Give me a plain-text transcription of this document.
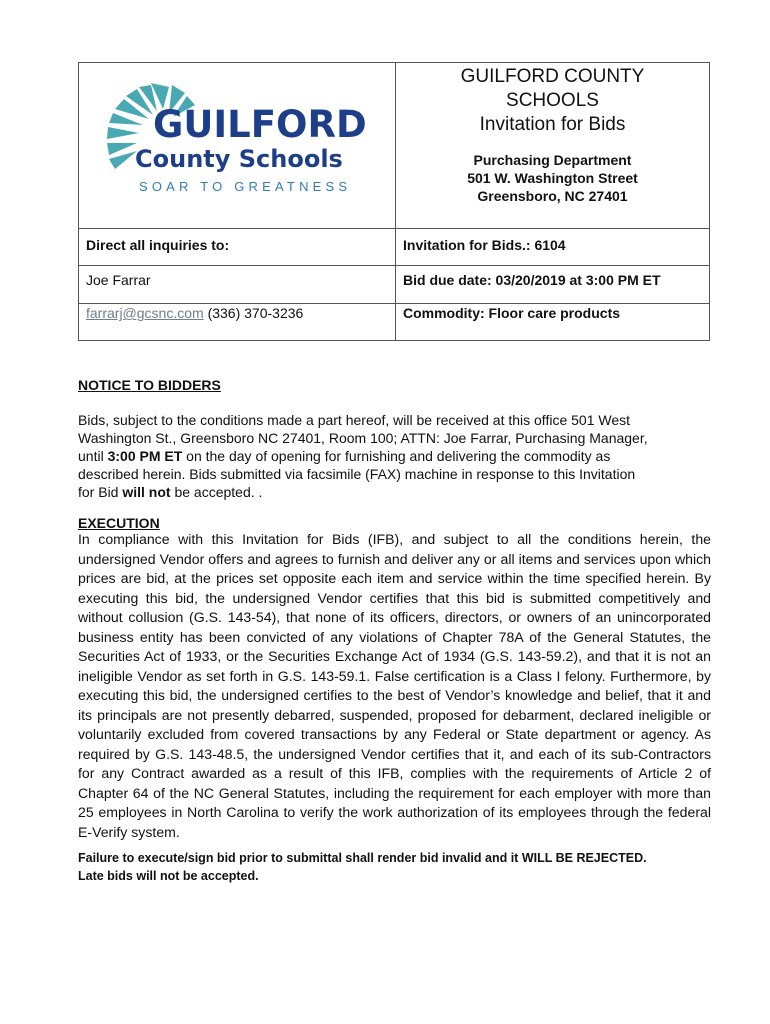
GUILFORD
County Schools
SOAR TO GREATNESS
GUILFORD COUNTY
SCHOOLS
Invitation for Bids
Purchasing Department
501 W. Washington Street
Greensboro, NC 27401
Direct all inquiries to:
Joe Farrar
farrarj@gcsnc.com (336) 370-3236
Invitation for Bids.: 6104
Bid due date: 03/20/2019 at 3:00 PM ET
Commodity: Floor care products
NOTICE TO BIDDERS

Bids, subject to the conditions made a part hereof, will be received at this office 501 West

Washington St., Greensboro NC 27401, Room 100; ATTN: Joe Farrar, Purchasing Manager,

until 3:00 PM ET on the day of opening for furnishing and delivering the commodity as

described herein. Bids submitted via facsimile (FAX) machine in response to this Invitation

for Bid will not be accepted. .

EXECUTION
In compliance with this Invitation for Bids (IFB), and subject to all the conditions herein, the undersigned Vendor offers and agrees to furnish and deliver any or all items and services upon which prices are bid, at the prices set opposite each item and service within the time specified herein. By executing this bid, the undersigned Vendor certifies that this bid is submitted competitively and without collusion (G.S. 143-54), that none of its officers, directors, or owners of an unincorporated business entity has been convicted of any violations of Chapter 78A of the General Statutes, the Securities Act of 1933, or the Securities Exchange Act of 1934 (G.S. 143-59.2), and that it is not an ineligible Vendor as set forth in G.S. 143-59.1. False certification is a Class I felony. Furthermore, by executing this bid, the undersigned certifies to the best of Vendor’s knowledge and belief, that it and its principals are not presently debarred, suspended, proposed for debarment, declared ineligible or voluntarily excluded from covered transactions by any Federal or State department or agency. As required by G.S. 143-48.5, the undersigned Vendor certifies that it, and each of its sub-Contractors for any Contract awarded as a result of this IFB, complies with the requirements of Article 2 of Chapter 64 of the NC General Statutes, including the requirement for each employer with more than 25 employees in North Carolina to verify the work authorization of its employees through the federal E-Verify system.
Failure to execute/sign bid prior to submittal shall render bid invalid and it WILL BE REJECTED.
Late bids will not be accepted.
